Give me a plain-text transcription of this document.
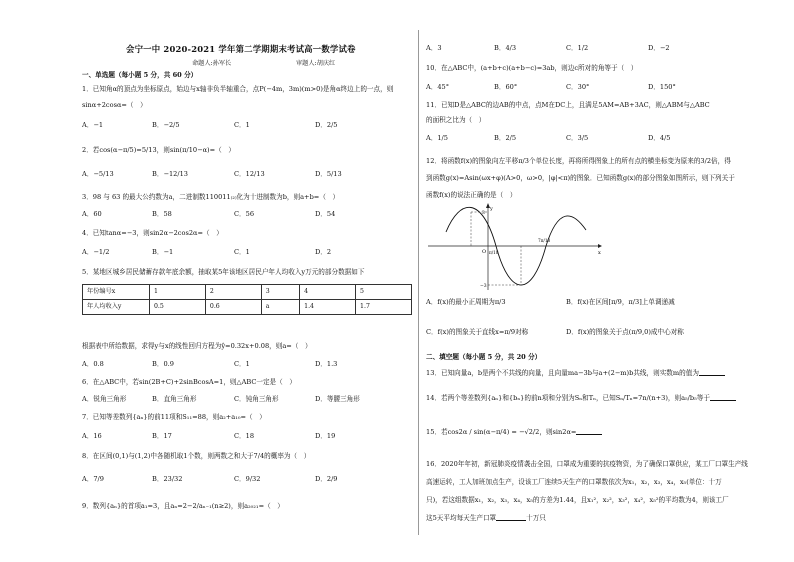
会宁一中 2020-2021 学年第二学期期末考试高一数学试卷
命题人:孙军长	审题人:胡庆红
一、单选题（每小题 5 分，共 60 分）
1．已知角α的顶点为坐标原点，始边与x轴非负半轴重合，点P(−4m，3m)(m>0)是角α终边上的一点，则
sinα+2cosα=（　）
A．−1	B．−2/5	C．1	D．2/5
2．若cos(α−π/5)=5/13，则sin(π/10−α)=（　）
A．−5/13	B．−12/13	C．12/13	D．5/13
3．98 与 63 的最大公约数为a，二进制数110011₍₂₎化为十进制数为b，则a+b=（　）
A．60	B．58	C．56	D．54
4．已知tanα=−3，则sin2α−2cos2α=（　）
A．−1/2	B．−1	C．1	D．2
5．某地区城乡居民储蓄存款年底余额，抽取某5年该地区居民户年人均收入y万元的部分数据如下
年份编号x	1	2	3	4	5
年人均收入y	0.5	0.6	a	1.4	1.7
根据表中所给数据，求得y与x的线性回归方程为ŷ=0.32x+0.08，则a=（　）
A．0.8	B．0.9	C．1	D．1.3
6．在△ABC中，若sin(2B+C)+2sinBcosA=1，则△ABC一定是（　）
A．锐角三角形	B．直角三角形	C．钝角三角形	D．等腰三角形
7．已知等差数列{aₙ}的前11项和S₁₁=88，则a₂+a₁₀=（　）
A．16	B．17	C．18	D．19
8．在区间(0,1)与(1,2)中各随机取1个数，则两数之和大于7/4的概率为（　）
A．7/9	B．23/32	C．9/32	D．2/9
9．数列{aₙ}的首项a₁=3，且aₙ=2−2/aₙ₋₁(n≥2)，则a₂₀₂₁=（　）
A．3	B．4/3	C．1/2	D．−2
10．在△ABC中，(a+b+c)(a+b−c)=3ab，则边c所对的角等于（　）
A．45°	B．60°	C．30°	D．150°
11．已知D是△ABC的边AB的中点，点M在DC上，且满足5AM=AB+3AC，则△ABM与△ABC
的面积之比为（　）
A．1/5	B．2/5	C．3/5	D．4/5
12．将函数f(x)的图象向左平移π/3个单位长度，再将所得图象上的所有点的横坐标变为原来的3/2倍，得
到函数g(x)=Asin(ωx+φ)(A>0，ω>0，|φ|<π)的图象．已知函数g(x)的部分图象如图所示，则下列关于
函数f(x)的说法正确的是（　）
y
x
O π/18
7π/18
3
−3
A．f(x)的最小正周期为π/3	B．f(x)在区间[π/9，π/3]上单调递减
C．f(x)的图象关于直线x=π/9对称	D．f(x)的图象关于点(π/9,0)成中心对称
二、填空题（每小题 5 分，共 20 分）
13．已知向量a，b是两个不共线的向量，且向量ma−3b与a+(2−m)b共线，则实数m的值为
14．若两个等差数列{aₙ}和{bₙ}的前n项和分别为Sₙ和Tₙ，已知Sₙ/Tₙ=7n/(n+3)，则a₅/b₅等于
15．若cos2α / sin(α−π/4) = −√2/2，则sin2α=
16．2020年年初，新冠肺炎疫情袭击全国，口罩成为重要的抗疫物资，为了确保口罩供应，某工厂口罩生产线
高速运转，工人加班加点生产，设该工厂连续5天生产的口罩数依次为x₁，x₂，x₃，x₄，x₅(单位：十万
只)，若这组数据x₁，x₂，x₃，x₄，x₅的方差为1.44，且x₁²，x₂²，x₃²，x₄²，x₅²的平均数为4，则该工厂
这5天平均每天生产口罩	十万只
